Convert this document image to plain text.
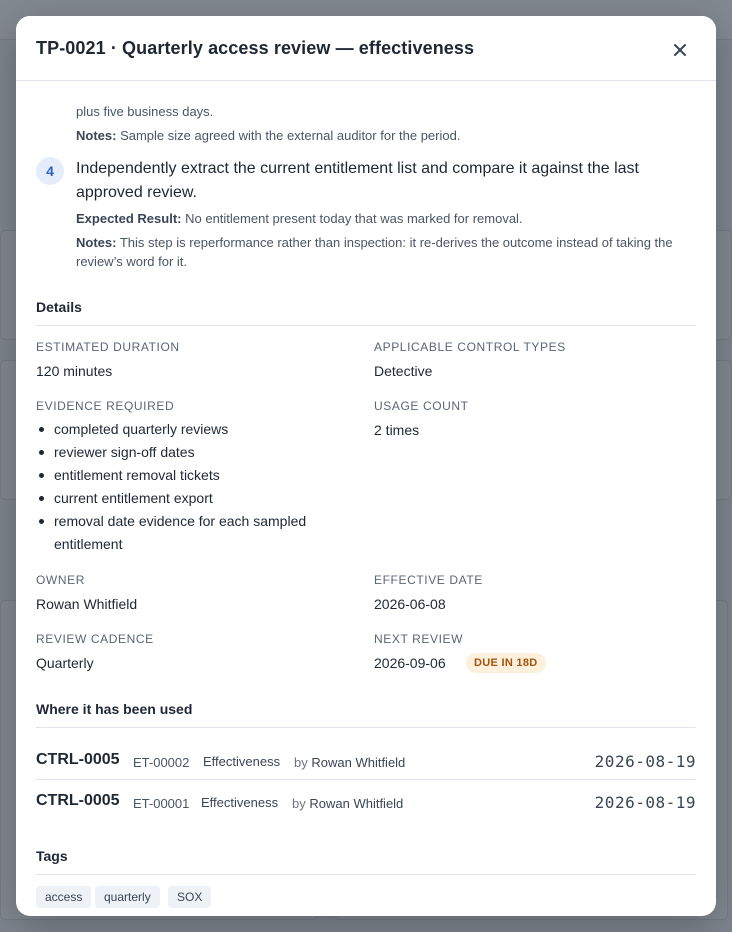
TP-0021 · Quarterly access review — effectiveness
plus five business days.
Notes: Sample size agreed with the external auditor for the period.
4	Independently extract the current entitlement list and compare it against the last approved review.
Expected Result: No entitlement present today that was marked for removal.
Notes: This step is reperformance rather than inspection: it re-derives the outcome instead of taking the review’s word for it.
Details
ESTIMATED DURATION
120 minutes
APPLICABLE CONTROL TYPES
Detective
EVIDENCE REQUIRED
completed quarterly reviews
reviewer sign-off dates
entitlement removal tickets
current entitlement export
removal date evidence for each sampled entitlement
USAGE COUNT
2 times
OWNER
Rowan Whitfield
EFFECTIVE DATE
2026-06-08
REVIEW CADENCE
Quarterly
NEXT REVIEW
2026-09-06	DUE IN 18D
Where it has been used
CTRL-0005 ET-00002 Effectiveness by Rowan Whitfield	2026-08-19
CTRL-0005 ET-00001 Effectiveness by Rowan Whitfield	2026-08-19
Tags
access	quarterly	SOX
